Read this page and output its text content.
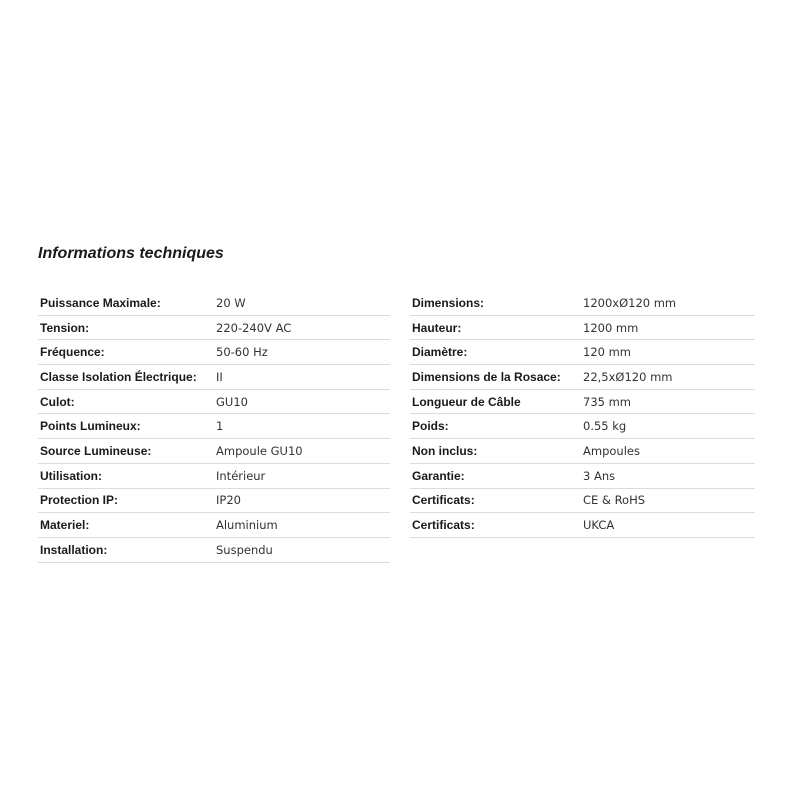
Informations techniques
Puissance Maximale:	20 W
Tension:	220-240V AC
Fréquence:	50-60 Hz
Classe Isolation Électrique:	II
Culot:	GU10
Points Lumineux:	1
Source Lumineuse:	Ampoule GU10
Utilisation:	Intérieur
Protection IP:	IP20
Materiel:	Aluminium
Installation:	Suspendu
Dimensions:	1200xØ120 mm
Hauteur:	1200 mm
Diamètre:	120 mm
Dimensions de la Rosace:	22,5xØ120 mm
Longueur de Câble	735 mm
Poids:	0.55 kg
Non inclus:	Ampoules
Garantie:	3 Ans
Certificats:	CE & RoHS
Certificats:	UKCA
